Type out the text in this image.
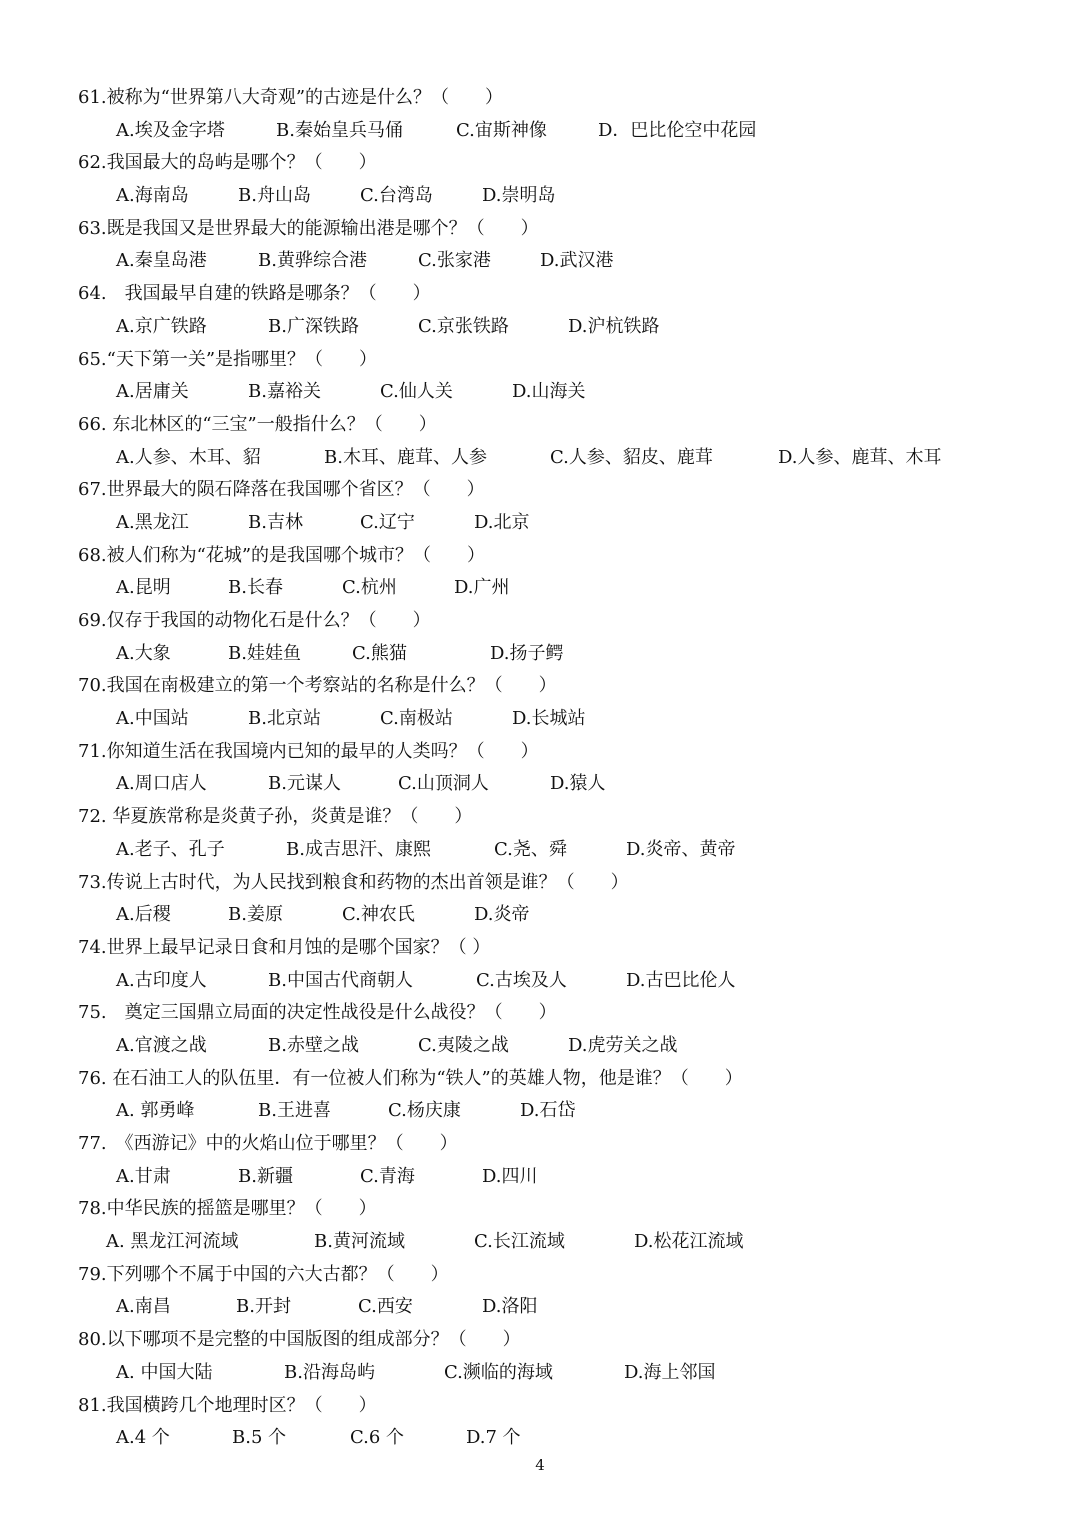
61.被称为“世界第八大奇观”的古迹是什么？（　　）
A.埃及金字塔	B.秦始皇兵马俑	C.宙斯神像	D．巴比伦空中花园
62.我国最大的岛屿是哪个？（　　）
A.海南岛	B.舟山岛	C.台湾岛	D.崇明岛
63.既是我国又是世界最大的能源输出港是哪个？（　　）
A.秦皇岛港	B.黄骅综合港	C.张家港	D.武汉港
64.　我国最早自建的铁路是哪条？（　　）
A.京广铁路	B.广深铁路	C.京张铁路	D.沪杭铁路
65.“天下第一关”是指哪里？（　　）
A.居庸关	B.嘉裕关	C.仙人关	D.山海关
66. 东北林区的“三宝”一般指什么？（　　）
A.人参、木耳、貂	B.木耳、鹿茸、人参	C.人参、貂皮、鹿茸	D.人参、鹿茸、木耳
67.世界最大的陨石降落在我国哪个省区？（　　）
A.黑龙江	B.吉林	C.辽宁	D.北京
68.被人们称为“花城”的是我国哪个城市？（　　）
A.昆明	B.长春	C.杭州	D.广州
69.仅存于我国的动物化石是什么？（　　）
A.大象	B.娃娃鱼	C.熊猫	D.扬子鳄
70.我国在南极建立的第一个考察站的名称是什么？（　　）
A.中国站	B.北京站	C.南极站	D.长城站
71.你知道生活在我国境内已知的最早的人类吗？（　　）
A.周口店人	B.元谋人	C.山顶洞人	D.猿人
72. 华夏族常称是炎黄子孙，炎黄是谁？（　　）
A.老子、孔子	B.成吉思汗、康熙	C.尧、舜	D.炎帝、黄帝
73.传说上古时代，为人民找到粮食和药物的杰出首领是谁？（　　）
A.后稷	B.姜原	C.神农氏	D.炎帝
74.世界上最早记录日食和月蚀的是哪个国家？（ ）
A.古印度人	B.中国古代商朝人	C.古埃及人	D.古巴比伦人
75.　奠定三国鼎立局面的决定性战役是什么战役？（　　）
A.官渡之战	B.赤壁之战	C.夷陵之战	D.虎劳关之战
76. 在石油工人的队伍里．有一位被人们称为“铁人”的英雄人物，他是谁？（　　）
A. 郭勇峰	B.王进喜	C.杨庆康	D.石岱
77.　《西游记》中的火焰山位于哪里？（　　）
A.甘肃	B.新疆	C.青海	D.四川
78.中华民族的摇篮是哪里？（　　）
A. 黑龙江河流域	B.黄河流域	C.长江流域	D.松花江流域
79.下列哪个不属于中国的六大古都？（　　）
A.南昌	B.开封	C.西安	D.洛阳
80.以下哪项不是完整的中国版图的组成部分？（　　）
A. 中国大陆	B.沿海岛屿	C.濒临的海域	D.海上邻国
81.我国横跨几个地理时区？（　　）
A.4 个	B.5 个	C.6 个	D.7 个
4
